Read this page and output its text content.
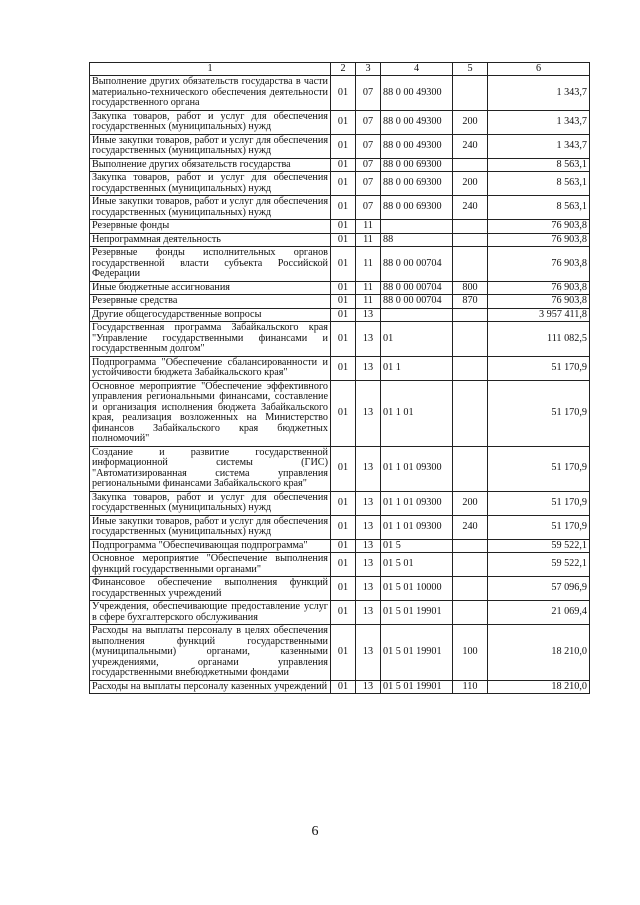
1	2	3	4	5	6
Выполнение других обязательств государства в части материально-технического обеспечения деятельности государственного органа	01	07	88 0 00 49300		1 343,7
Закупка товаров, работ и услуг для обеспечения государственных (муниципальных) нужд	01	07	88 0 00 49300	200	1 343,7
Иные закупки товаров, работ и услуг для обеспечения государственных (муниципальных) нужд	01	07	88 0 00 49300	240	1 343,7
Выполнение других обязательств государства	01	07	88 0 00 69300		8 563,1
Закупка товаров, работ и услуг для обеспечения государственных (муниципальных) нужд	01	07	88 0 00 69300	200	8 563,1
Иные закупки товаров, работ и услуг для обеспечения государственных (муниципальных) нужд	01	07	88 0 00 69300	240	8 563,1
Резервные фонды	01	11			76 903,8
Непрограммная деятельность	01	11	88		76 903,8
Резервные фонды исполнительных органов государственной власти субъекта Российской Федерации	01	11	88 0 00 00704		76 903,8
Иные бюджетные ассигнования	01	11	88 0 00 00704	800	76 903,8
Резервные средства	01	11	88 0 00 00704	870	76 903,8
Другие общегосударственные вопросы	01	13			3 957 411,8
Государственная программа Забайкальского края "Управление государственными финансами и государственным долгом"	01	13	01		111 082,5
Подпрограмма "Обеспечение сбалансированности и устойчивости бюджета Забайкальского края"	01	13	01 1		51 170,9
Основное мероприятие "Обеспечение эффективного управления региональными финансами, составление и организация исполнения бюджета Забайкальского края, реализация возложенных на Министерство финансов Забайкальского края бюджетных полномочий"	01	13	01 1 01		51 170,9
Создание и развитие государственной информационной системы (ГИС) "Автоматизированная система управления региональными финансами Забайкальского края"	01	13	01 1 01 09300		51 170,9
Закупка товаров, работ и услуг для обеспечения государственных (муниципальных) нужд	01	13	01 1 01 09300	200	51 170,9
Иные закупки товаров, работ и услуг для обеспечения государственных (муниципальных) нужд	01	13	01 1 01 09300	240	51 170,9
Подпрограмма "Обеспечивающая подпрограмма"	01	13	01 5		59 522,1
Основное мероприятие "Обеспечение выполнения функций государственными органами"	01	13	01 5 01		59 522,1
Финансовое обеспечение выполнения функций государственных учреждений	01	13	01 5 01 10000		57 096,9
Учреждения, обеспечивающие предоставление услуг в сфере бухгалтерского обслуживания	01	13	01 5 01 19901		21 069,4
Расходы на выплаты персоналу в целях обеспечения выполнения функций государственными (муниципальными) органами, казенными учреждениями, органами управления государственными внебюджетными фондами	01	13	01 5 01 19901	100	18 210,0
Расходы на выплаты персоналу казенных учреждений	01	13	01 5 01 19901	110	18 210,0
6
